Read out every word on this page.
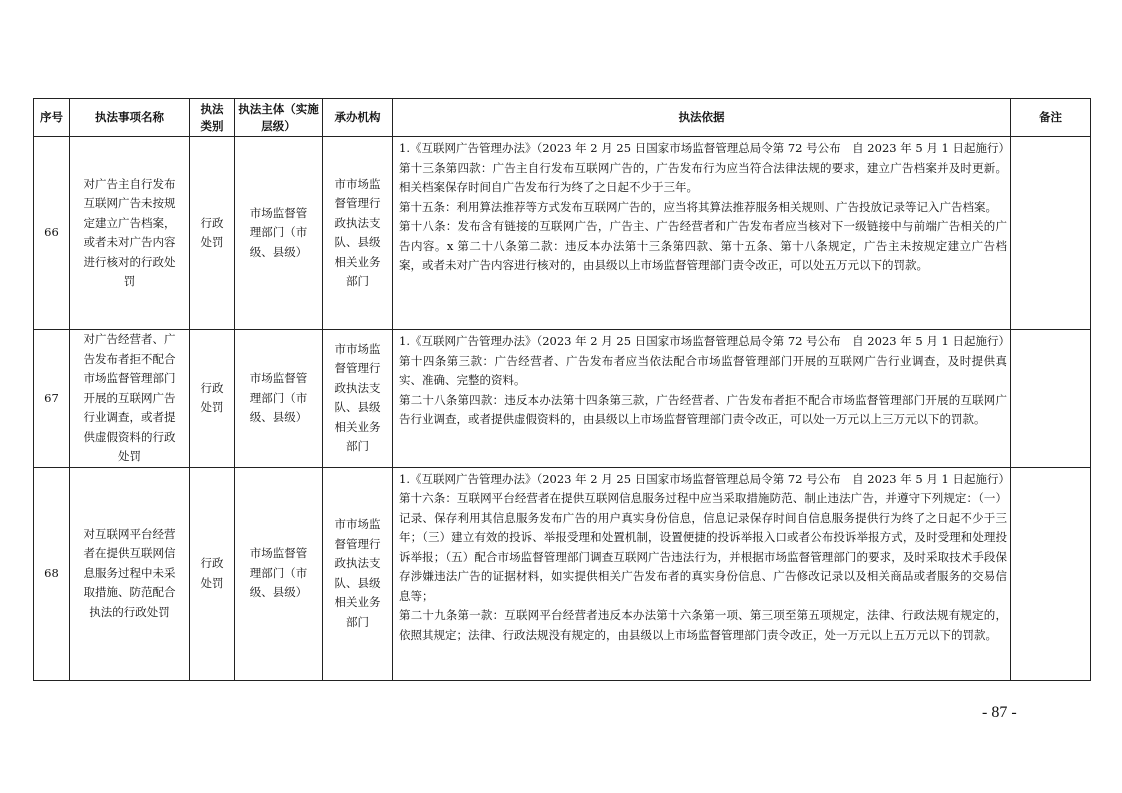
序号	执法事项名称	执法类别	执法主体（实施层级）	承办机构	执法依据	备注
66	对广告主自行发布互联网广告未按规定建立广告档案，或者未对广告内容进行核对的行政处罚	行政处罚	市场监督管理部门（市级、县级）	市市场监督管理行政执法支队、县级相关业务部门	1.《互联网广告管理办法》（2023 年 2 月 25 日国家市场监督管理总局令第 72 号公布　自 2023 年 5 月 1 日起施行）
第十三条第四款：广告主自行发布互联网广告的，广告发布行为应当符合法律法规的要求，建立广告档案并及时更新。相关档案保存时间自广告发布行为终了之日起不少于三年。
第十五条：利用算法推荐等方式发布互联网广告的，应当将其算法推荐服务相关规则、广告投放记录等记入广告档案。
第十八条：发布含有链接的互联网广告，广告主、广告经营者和广告发布者应当核对下一级链接中与前端广告相关的广告内容。x 第二十八条第二款：违反本办法第十三条第四款、第十五条、第十八条规定，广告主未按规定建立广告档案，或者未对广告内容进行核对的，由县级以上市场监督管理部门责令改正，可以处五万元以下的罚款。	

67	对广告经营者、广告发布者拒不配合市场监督管理部门开展的互联网广告行业调查，或者提供虚假资料的行政处罚	行政处罚	市场监督管理部门（市级、县级）	市市场监督管理行政执法支队、县级相关业务部门	1.《互联网广告管理办法》（2023 年 2 月 25 日国家市场监督管理总局令第 72 号公布　自 2023 年 5 月 1 日起施行）
第十四条第三款：广告经营者、广告发布者应当依法配合市场监督管理部门开展的互联网广告行业调查，及时提供真实、准确、完整的资料。
第二十八条第四款：违反本办法第十四条第三款，广告经营者、广告发布者拒不配合市场监督管理部门开展的互联网广告行业调查，或者提供虚假资料的，由县级以上市场监督管理部门责令改正，可以处一万元以上三万元以下的罚款。	

68	对互联网平台经营者在提供互联网信息服务过程中未采取措施、防范配合执法的行政处罚	行政处罚	市场监督管理部门（市级、县级）	市市场监督管理行政执法支队、县级相关业务部门	1.《互联网广告管理办法》（2023 年 2 月 25 日国家市场监督管理总局令第 72 号公布　自 2023 年 5 月 1 日起施行）
第十六条：互联网平台经营者在提供互联网信息服务过程中应当采取措施防范、制止违法广告，并遵守下列规定：（一）记录、保存利用其信息服务发布广告的用户真实身份信息，信息记录保存时间自信息服务提供行为终了之日起不少于三年；（三）建立有效的投诉、举报受理和处置机制，设置便捷的投诉举报入口或者公布投诉举报方式，及时受理和处理投诉举报；（五）配合市场监督管理部门调查互联网广告违法行为，并根据市场监督管理部门的要求，及时采取技术手段保存涉嫌违法广告的证据材料，如实提供相关广告发布者的真实身份信息、广告修改记录以及相关商品或者服务的交易信息等；
第二十九条第一款：互联网平台经营者违反本办法第十六条第一项、第三项至第五项规定，法律、行政法规有规定的，依照其规定；法律、行政法规没有规定的，由县级以上市场监督管理部门责令改正，处一万元以上五万元以下的罚款。	

- 87 -
